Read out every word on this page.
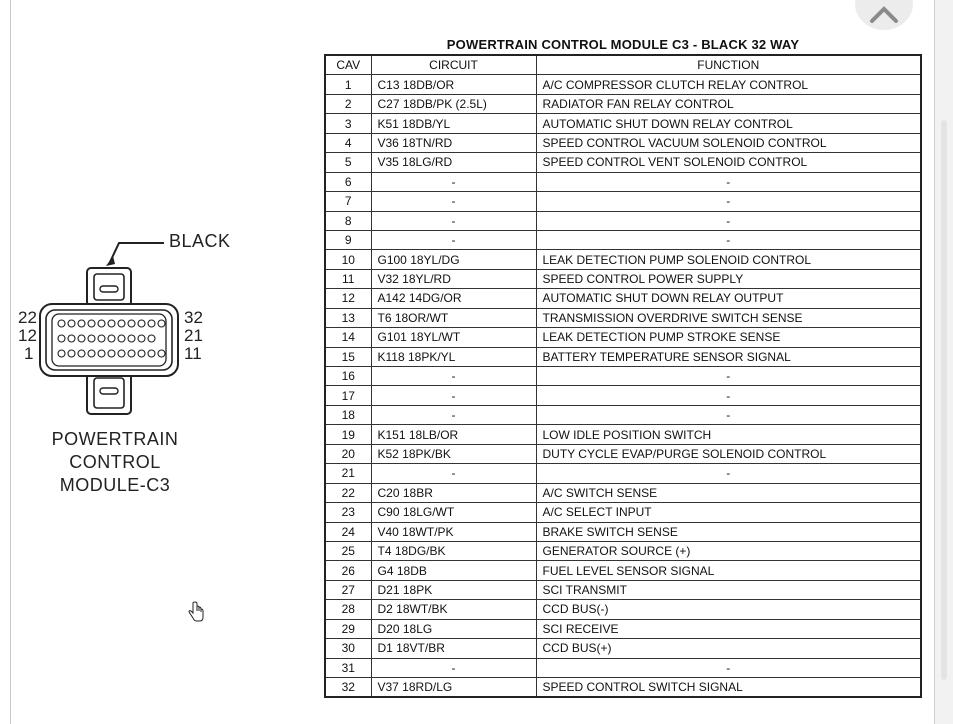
BLACK
22
12
1
32
21
11
POWERTRAIN
CONTROL
MODULE-C3
POWERTRAIN CONTROL MODULE C3 - BLACK 32 WAY
CAV	CIRCUIT	FUNCTION
1	C13 18DB/OR	A/C COMPRESSOR CLUTCH RELAY CONTROL
2	C27 18DB/PK (2.5L)	RADIATOR FAN RELAY CONTROL
3	K51 18DB/YL	AUTOMATIC SHUT DOWN RELAY CONTROL
4	V36 18TN/RD	SPEED CONTROL VACUUM SOLENOID CONTROL
5	V35 18LG/RD	SPEED CONTROL VENT SOLENOID CONTROL
6	-	-
7	-	-
8	-	-
9	-	-
10	G100 18YL/DG	LEAK DETECTION PUMP SOLENOID CONTROL
11	V32 18YL/RD	SPEED CONTROL POWER SUPPLY
12	A142 14DG/OR	AUTOMATIC SHUT DOWN RELAY OUTPUT
13	T6 18OR/WT	TRANSMISSION OVERDRIVE SWITCH SENSE
14	G101 18YL/WT	LEAK DETECTION PUMP STROKE SENSE
15	K118 18PK/YL	BATTERY TEMPERATURE SENSOR SIGNAL
16	-	-
17	-	-
18	-	-
19	K151 18LB/OR	LOW IDLE POSITION SWITCH
20	K52 18PK/BK	DUTY CYCLE EVAP/PURGE SOLENOID CONTROL
21	-	-
22	C20 18BR	A/C SWITCH SENSE
23	C90 18LG/WT	A/C SELECT INPUT
24	V40 18WT/PK	BRAKE SWITCH SENSE
25	T4 18DG/BK	GENERATOR SOURCE (+)
26	G4 18DB	FUEL LEVEL SENSOR SIGNAL
27	D21 18PK	SCI TRANSMIT
28	D2 18WT/BK	CCD BUS(-)
29	D20 18LG	SCI RECEIVE
30	D1 18VT/BR	CCD BUS(+)
31	-	-
32	V37 18RD/LG	SPEED CONTROL SWITCH SIGNAL
